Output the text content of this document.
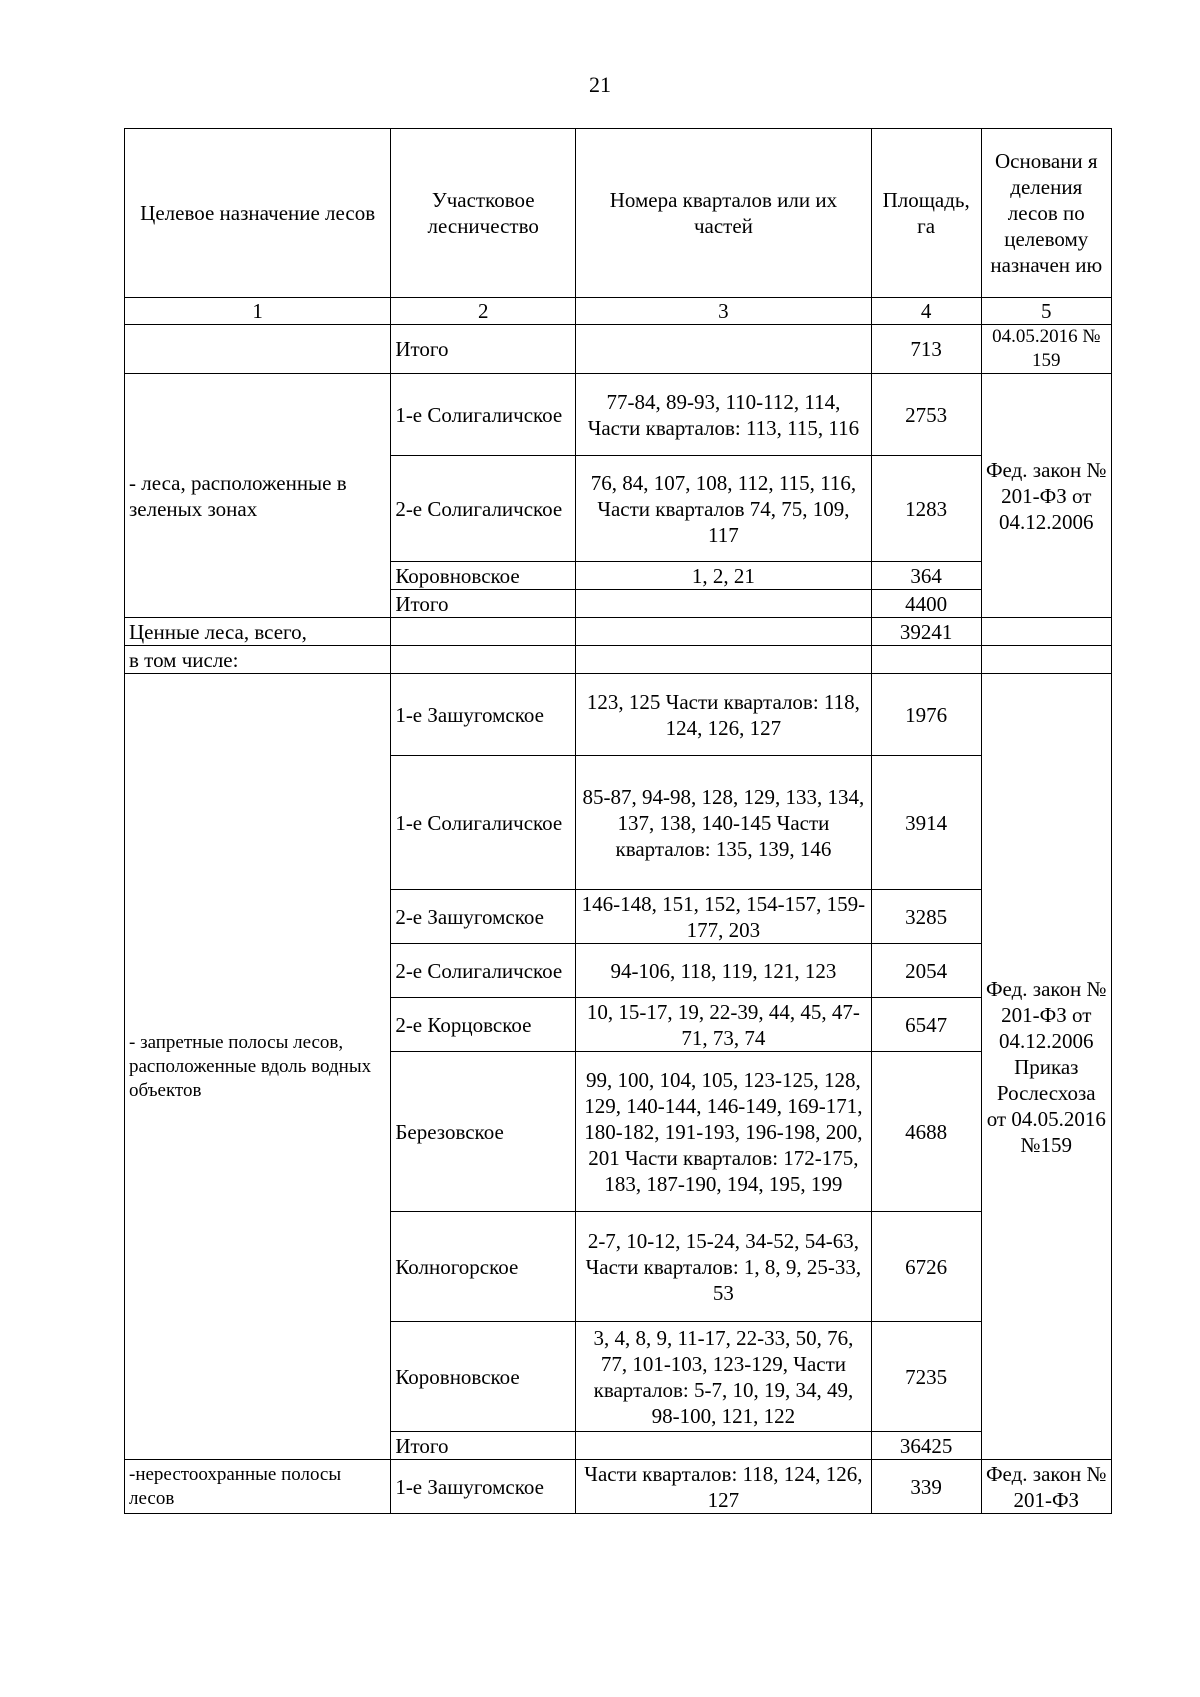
21
Целевое назначение лесов	Участковое лесничество	Номера кварталов или их частей	Площадь, га	Основани я деления лесов по целевому назначен ию
1	2	3	4	5
	Итого		713	04.05.2016 № 159
- леса, расположенные в зеленых зонах	1-е Солигаличское	77-84, 89-93, 110-112, 114, Части кварталов: 113, 115, 116	2753	Фед. закон № 201-ФЗ от 04.12.2006
	2-е Солигаличское	76, 84, 107, 108, 112, 115, 116, Части кварталов 74, 75, 109, 117	1283	
	Коровновское	1, 2, 21	364	
	Итого		4400	
Ценные леса, всего,			39241	
в том числе:				
- запретные полосы лесов, расположенные вдоль водных объектов	1-е Зашугомское	123, 125 Части кварталов: 118, 124, 126, 127	1976	Фед. закон № 201-ФЗ от 04.12.2006 Приказ Рослесхоза от 04.05.2016 №159
	1-е Солигаличское	85-87, 94-98, 128, 129, 133, 134, 137, 138, 140-145 Части кварталов: 135, 139, 146	3914	
	2-е Зашугомское	146-148, 151, 152, 154-157, 159-177, 203	3285	
	2-е Солигаличское	94-106, 118, 119, 121, 123	2054	
	2-е Корцовское	10, 15-17, 19, 22-39, 44, 45, 47-71, 73, 74	6547	
	Березовское	99, 100, 104, 105, 123-125, 128, 129, 140-144, 146-149, 169-171, 180-182, 191-193, 196-198, 200, 201 Части кварталов: 172-175, 183, 187-190, 194, 195, 199	4688	
	Колногорское	2-7, 10-12, 15-24, 34-52, 54-63, Части кварталов: 1, 8, 9, 25-33, 53	6726	
	Коровновское	3, 4, 8, 9, 11-17, 22-33, 50, 76, 77, 101-103, 123-129, Части кварталов: 5-7, 10, 19, 34, 49, 98-100, 121, 122	7235	
	Итого		36425	
-нерестоохранные полосы лесов	1-е Зашугомское	Части кварталов: 118, 124, 126, 127	339	Фед. закон № 201-ФЗ
